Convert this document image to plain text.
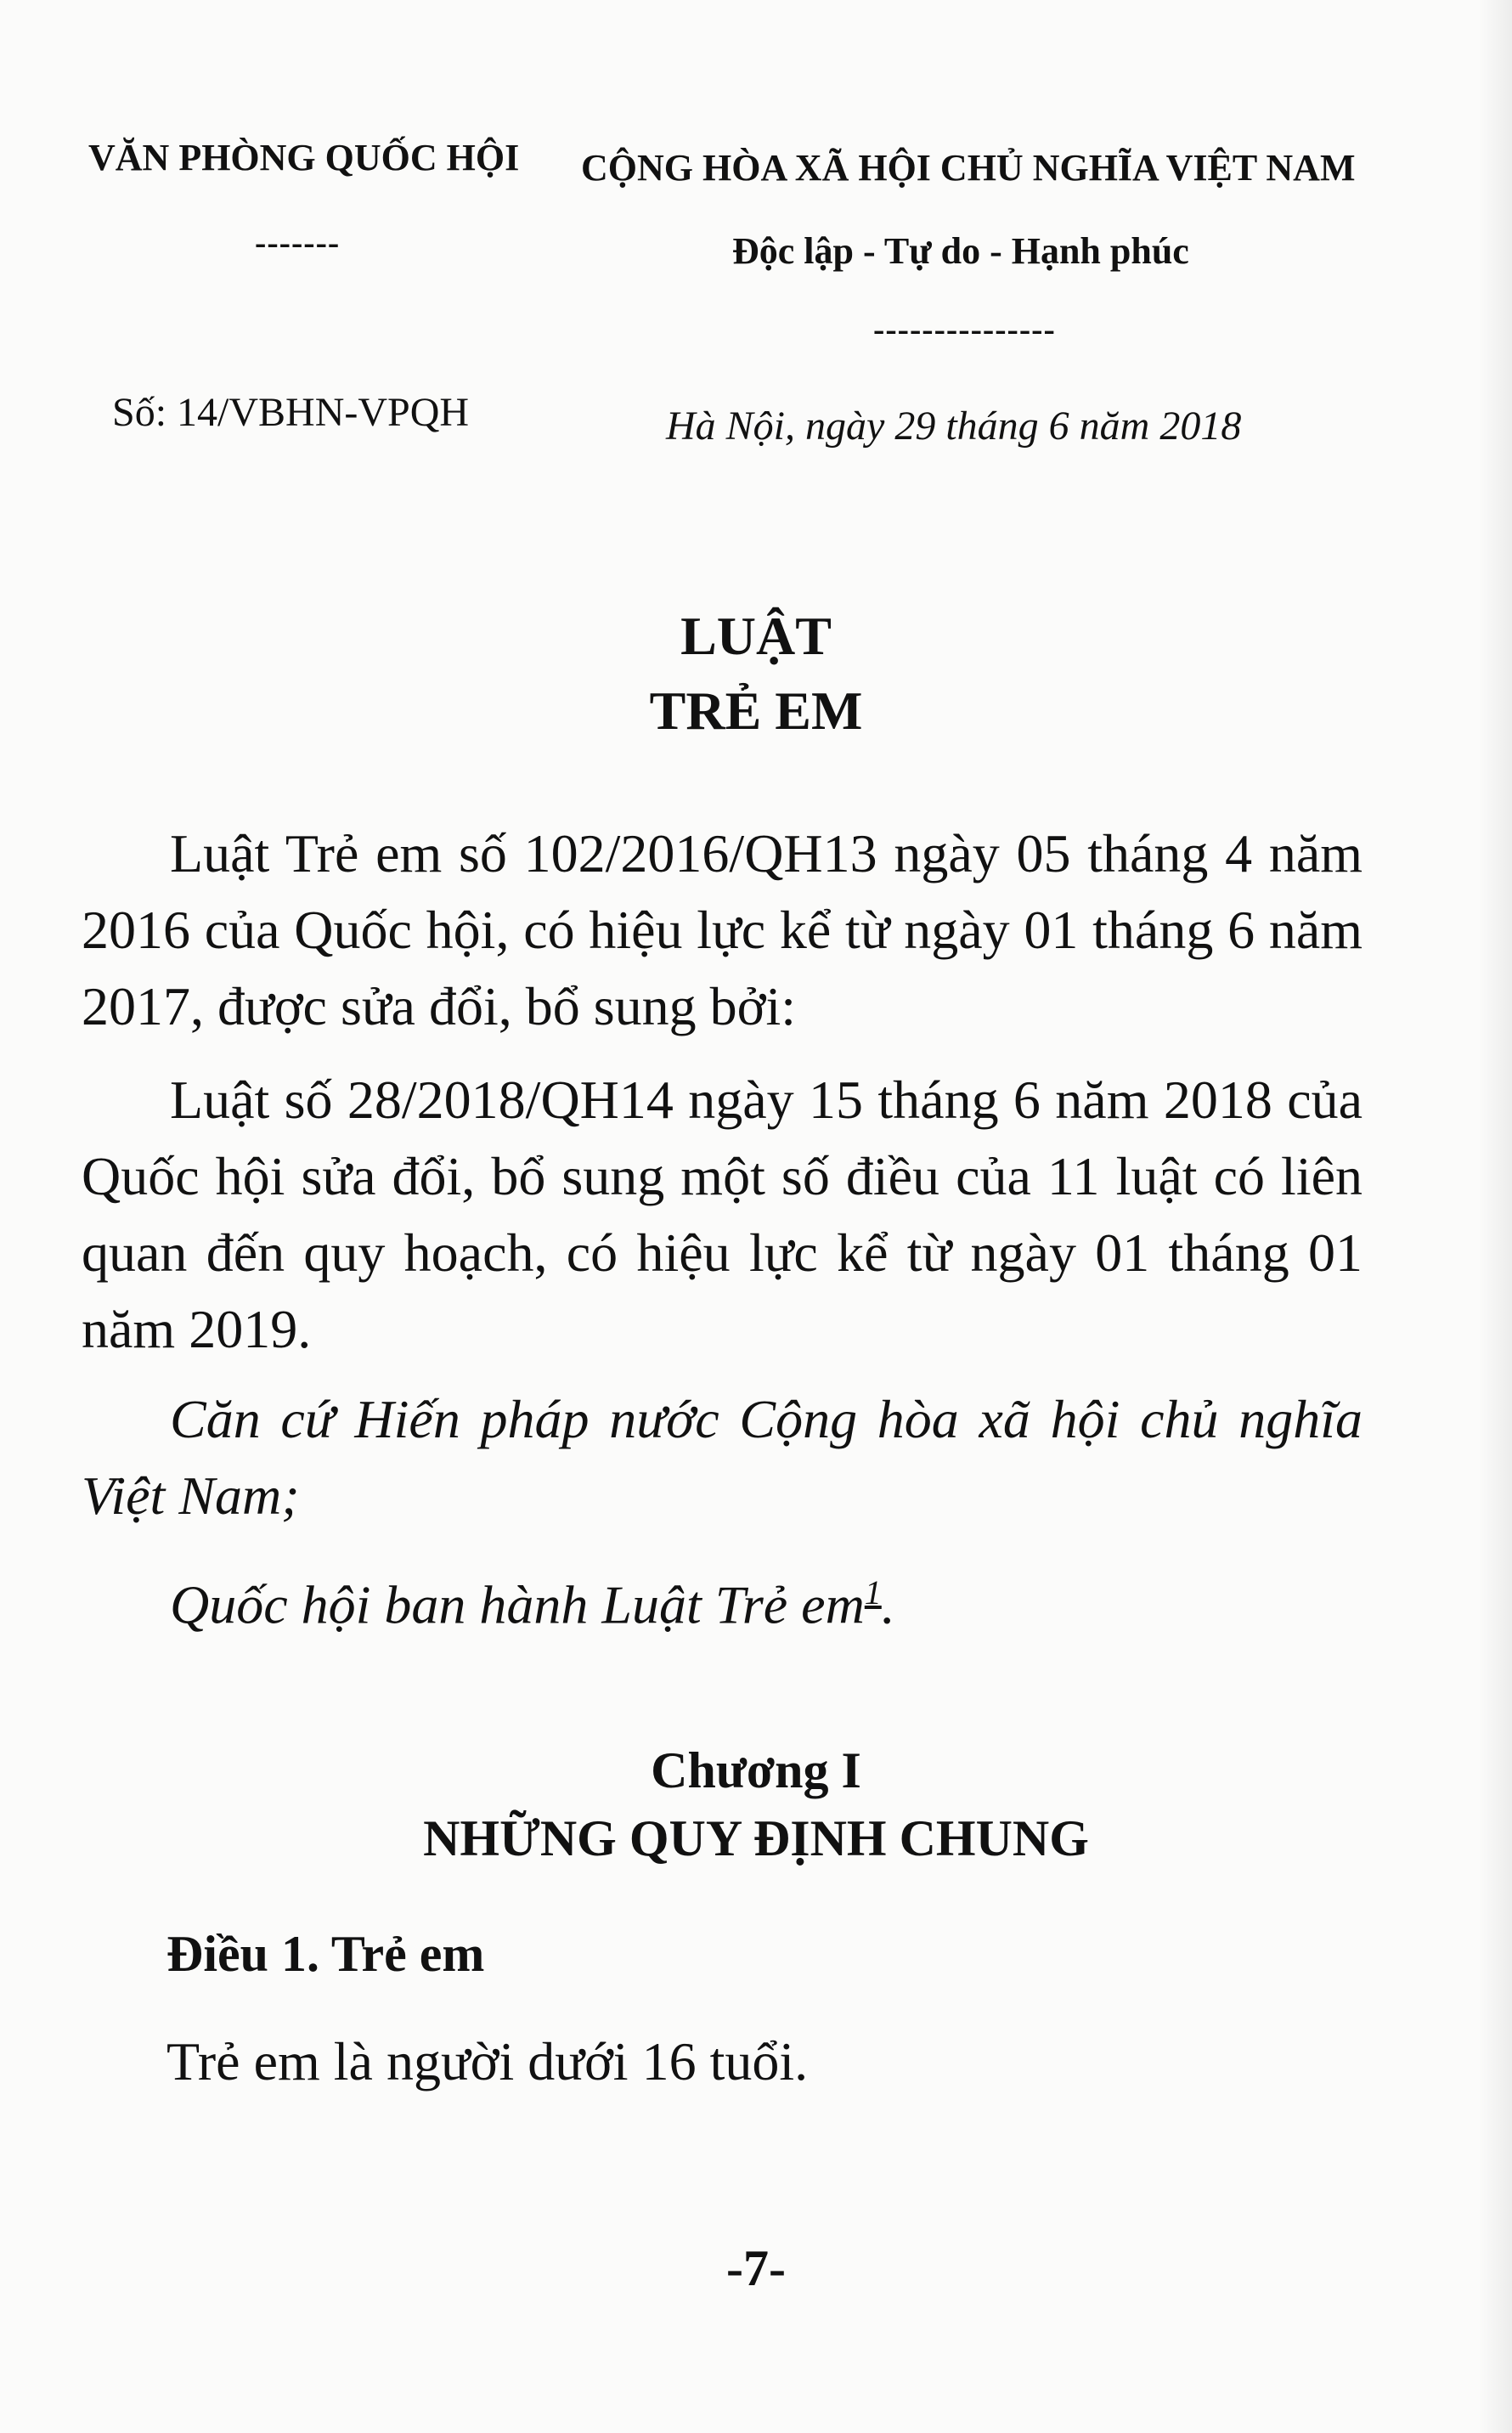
VĂN PHÒNG QUỐC HỘI
-------
CỘNG HÒA XÃ HỘI CHỦ NGHĨA VIỆT NAM
Độc lập - Tự do - Hạnh phúc
---------------
Số: 14/VBHN-VPQH	Hà Nội, ngày 29 tháng 6 năm 2018
LUẬT
TRẺ EM

Luật Trẻ em số 102/2016/QH13 ngày 05 tháng 4 năm 2016 của Quốc hội, có hiệu lực kể từ ngày 01 tháng 6 năm 2017, được sửa đổi, bổ sung bởi:

Luật số 28/2018/QH14 ngày 15 tháng 6 năm 2018 của Quốc hội sửa đổi, bổ sung một số điều của 11 luật có liên quan đến quy hoạch, có hiệu lực kể từ ngày 01 tháng 01 năm 2019.

Căn cứ Hiến pháp nước Cộng hòa xã hội chủ nghĩa Việt Nam;

Quốc hội ban hành Luật Trẻ $em^1$.

Chương I
NHỮNG QUY ĐỊNH CHUNG
Điều 1. Trẻ em
Trẻ em là người dưới 16 tuổi.
-7-
